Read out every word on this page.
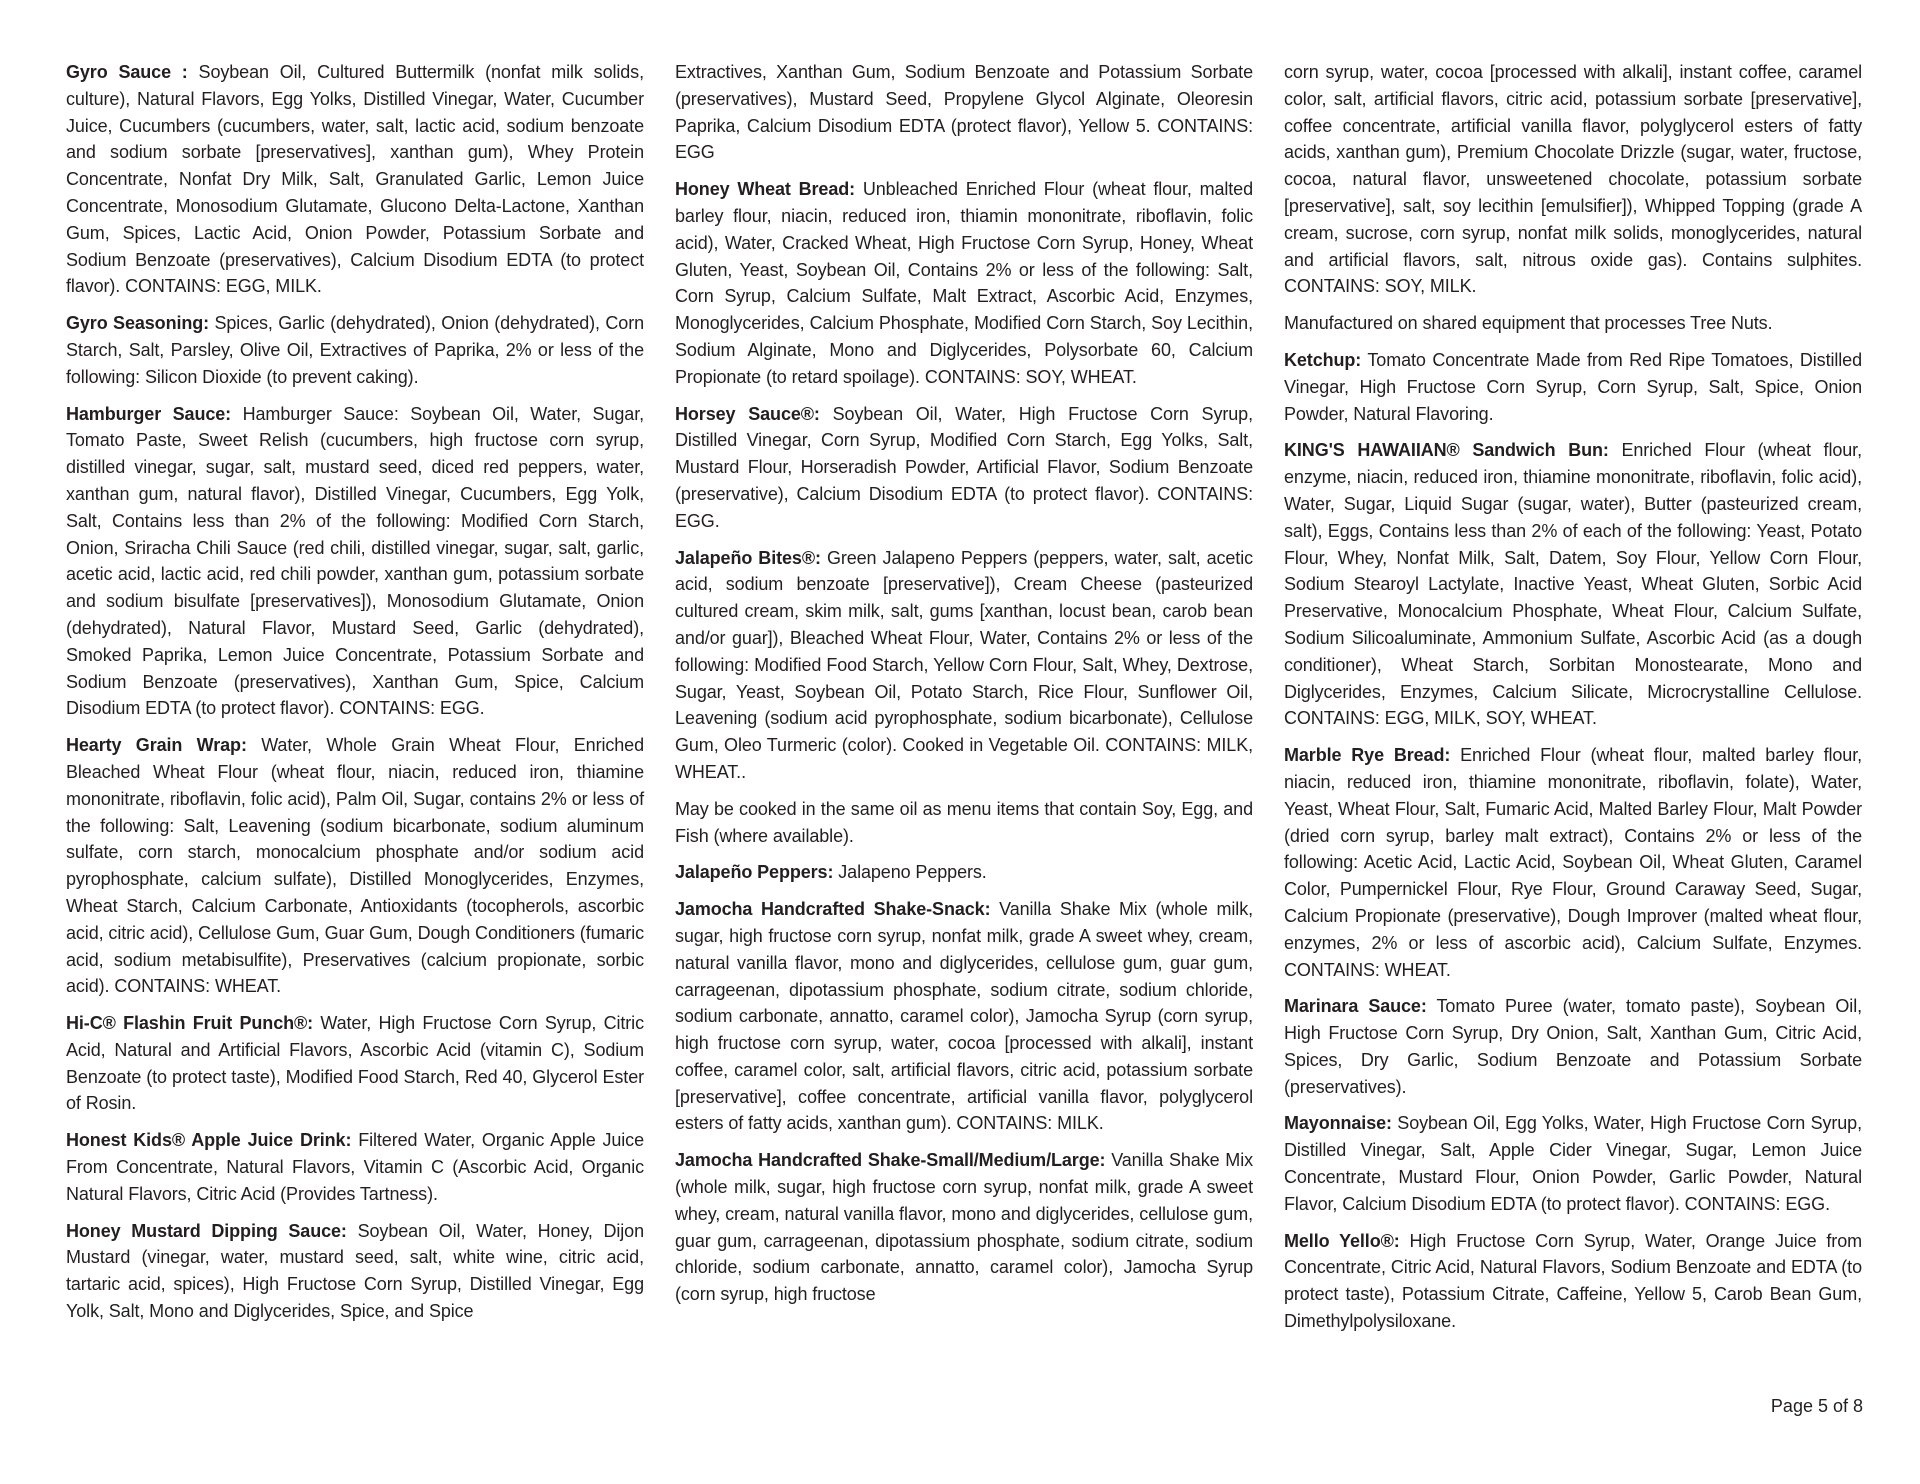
Gyro Sauce : Soybean Oil, Cultured Buttermilk (nonfat milk solids, culture), Natural Flavors, Egg Yolks, Distilled Vinegar, Water, Cucumber Juice, Cucumbers (cucumbers, water, salt, lactic acid, sodium benzoate and sodium sorbate [preservatives], xanthan gum), Whey Protein Concentrate, Nonfat Dry Milk, Salt, Granulated Garlic, Lemon Juice Concentrate, Monosodium Glutamate, Glucono Delta-Lactone, Xanthan Gum, Spices, Lactic Acid, Onion Powder, Potassium Sorbate and Sodium Benzoate (preservatives), Calcium Disodium EDTA (to protect flavor). CONTAINS: EGG, MILK.

Gyro Seasoning: Spices, Garlic (dehydrated), Onion (dehydrated), Corn Starch, Salt, Parsley, Olive Oil, Extractives of Paprika, 2% or less of the following: Silicon Dioxide (to prevent caking).

Hamburger Sauce: Hamburger Sauce: Soybean Oil, Water, Sugar, Tomato Paste, Sweet Relish (cucumbers, high fructose corn syrup, distilled vinegar, sugar, salt, mustard seed, diced red peppers, water, xanthan gum, natural flavor), Distilled Vinegar, Cucumbers, Egg Yolk, Salt, Contains less than 2% of the following: Modified Corn Starch, Onion, Sriracha Chili Sauce (red chili, distilled vinegar, sugar, salt, garlic, acetic acid, lactic acid, red chili powder, xanthan gum, potassium sorbate and sodium bisulfate [preservatives]), Monosodium Glutamate, Onion (dehydrated), Natural Flavor, Mustard Seed, Garlic (dehydrated), Smoked Paprika, Lemon Juice Concentrate, Potassium Sorbate and Sodium Benzoate (preservatives), Xanthan Gum, Spice, Calcium Disodium EDTA (to protect flavor). CONTAINS: EGG.

Hearty Grain Wrap: Water, Whole Grain Wheat Flour, Enriched Bleached Wheat Flour (wheat flour, niacin, reduced iron, thiamine mononitrate, riboflavin, folic acid), Palm Oil, Sugar, contains 2% or less of the following: Salt, Leavening (sodium bicarbonate, sodium aluminum sulfate, corn starch, monocalcium phosphate and/or sodium acid pyrophosphate, calcium sulfate), Distilled Monoglycerides, Enzymes, Wheat Starch, Calcium Carbonate, Antioxidants (tocopherols, ascorbic acid, citric acid), Cellulose Gum, Guar Gum, Dough Conditioners (fumaric acid, sodium metabisulfite), Preservatives (calcium propionate, sorbic acid). CONTAINS: WHEAT.

Hi-C® Flashin Fruit Punch®: Water, High Fructose Corn Syrup, Citric Acid, Natural and Artificial Flavors, Ascorbic Acid (vitamin C), Sodium Benzoate (to protect taste), Modified Food Starch, Red 40, Glycerol Ester of Rosin.

Honest Kids® Apple Juice Drink: Filtered Water, Organic Apple Juice From Concentrate, Natural Flavors, Vitamin C (Ascorbic Acid, Organic Natural Flavors, Citric Acid (Provides Tartness).

Honey Mustard Dipping Sauce: Soybean Oil, Water, Honey, Dijon Mustard (vinegar, water, mustard seed, salt, white wine, citric acid, tartaric acid, spices), High Fructose Corn Syrup, Distilled Vinegar, Egg Yolk, Salt, Mono and Diglycerides, Spice, and Spice

Extractives, Xanthan Gum, Sodium Benzoate and Potassium Sorbate (preservatives), Mustard Seed, Propylene Glycol Alginate, Oleoresin Paprika, Calcium Disodium EDTA (protect flavor), Yellow 5. CONTAINS: EGG

Honey Wheat Bread: Unbleached Enriched Flour (wheat flour, malted barley flour, niacin, reduced iron, thiamin mononitrate, riboflavin, folic acid), Water, Cracked Wheat, High Fructose Corn Syrup, Honey, Wheat Gluten, Yeast, Soybean Oil, Contains 2% or less of the following: Salt, Corn Syrup, Calcium Sulfate, Malt Extract, Ascorbic Acid, Enzymes, Monoglycerides, Calcium Phosphate, Modified Corn Starch, Soy Lecithin, Sodium Alginate, Mono and Diglycerides, Polysorbate 60, Calcium Propionate (to retard spoilage). CONTAINS: SOY, WHEAT.

Horsey Sauce®: Soybean Oil, Water, High Fructose Corn Syrup, Distilled Vinegar, Corn Syrup, Modified Corn Starch, Egg Yolks, Salt, Mustard Flour, Horseradish Powder, Artificial Flavor, Sodium Benzoate (preservative), Calcium Disodium EDTA (to protect flavor). CONTAINS: EGG.

Jalapeño Bites®: Green Jalapeno Peppers (peppers, water, salt, acetic acid, sodium benzoate [preservative]), Cream Cheese (pasteurized cultured cream, skim milk, salt, gums [xanthan, locust bean, carob bean and/or guar]), Bleached Wheat Flour, Water, Contains 2% or less of the following: Modified Food Starch, Yellow Corn Flour, Salt, Whey, Dextrose, Sugar, Yeast, Soybean Oil, Potato Starch, Rice Flour, Sunflower Oil, Leavening (sodium acid pyrophosphate, sodium bicarbonate), Cellulose Gum, Oleo Turmeric (color). Cooked in Vegetable Oil. CONTAINS: MILK, WHEAT..

May be cooked in the same oil as menu items that contain Soy, Egg, and Fish (where available).

Jalapeño Peppers: Jalapeno Peppers.

Jamocha Handcrafted Shake-Snack: Vanilla Shake Mix (whole milk, sugar, high fructose corn syrup, nonfat milk, grade A sweet whey, cream, natural vanilla flavor, mono and diglycerides, cellulose gum, guar gum, carrageenan, dipotassium phosphate, sodium citrate, sodium chloride, sodium carbonate, annatto, caramel color), Jamocha Syrup (corn syrup, high fructose corn syrup, water, cocoa [processed with alkali], instant coffee, caramel color, salt, artificial flavors, citric acid, potassium sorbate [preservative], coffee concentrate, artificial vanilla flavor, polyglycerol esters of fatty acids, xanthan gum). CONTAINS: MILK.

Jamocha Handcrafted Shake-Small/Medium/Large: Vanilla Shake Mix (whole milk, sugar, high fructose corn syrup, nonfat milk, grade A sweet whey, cream, natural vanilla flavor, mono and diglycerides, cellulose gum, guar gum, carrageenan, dipotassium phosphate, sodium citrate, sodium chloride, sodium carbonate, annatto, caramel color), Jamocha Syrup (corn syrup, high fructose

corn syrup, water, cocoa [processed with alkali], instant coffee, caramel color, salt, artificial flavors, citric acid, potassium sorbate [preservative], coffee concentrate, artificial vanilla flavor, polyglycerol esters of fatty acids, xanthan gum), Premium Chocolate Drizzle (sugar, water, fructose, cocoa, natural flavor, unsweetened chocolate, potassium sorbate [preservative], salt, soy lecithin [emulsifier]), Whipped Topping (grade A cream, sucrose, corn syrup, nonfat milk solids, monoglycerides, natural and artificial flavors, salt, nitrous oxide gas). Contains sulphites. CONTAINS: SOY, MILK.

Manufactured on shared equipment that processes Tree Nuts.

Ketchup: Tomato Concentrate Made from Red Ripe Tomatoes, Distilled Vinegar, High Fructose Corn Syrup, Corn Syrup, Salt, Spice, Onion Powder, Natural Flavoring.

KING'S HAWAIIAN® Sandwich Bun: Enriched Flour (wheat flour, enzyme, niacin, reduced iron, thiamine mononitrate, riboflavin, folic acid), Water, Sugar, Liquid Sugar (sugar, water), Butter (pasteurized cream, salt), Eggs, Contains less than 2% of each of the following: Yeast, Potato Flour, Whey, Nonfat Milk, Salt, Datem, Soy Flour, Yellow Corn Flour, Sodium Stearoyl Lactylate, Inactive Yeast, Wheat Gluten, Sorbic Acid Preservative, Monocalcium Phosphate, Wheat Flour, Calcium Sulfate, Sodium Silicoaluminate, Ammonium Sulfate, Ascorbic Acid (as a dough conditioner), Wheat Starch, Sorbitan Monostearate, Mono and Diglycerides, Enzymes, Calcium Silicate, Microcrystalline Cellulose. CONTAINS: EGG, MILK, SOY, WHEAT.

Marble Rye Bread: Enriched Flour (wheat flour, malted barley flour, niacin, reduced iron, thiamine mononitrate, riboflavin, folate), Water, Yeast, Wheat Flour, Salt, Fumaric Acid, Malted Barley Flour, Malt Powder (dried corn syrup, barley malt extract), Contains 2% or less of the following: Acetic Acid, Lactic Acid, Soybean Oil, Wheat Gluten, Caramel Color, Pumpernickel Flour, Rye Flour, Ground Caraway Seed, Sugar, Calcium Propionate (preservative), Dough Improver (malted wheat flour, enzymes, 2% or less of ascorbic acid), Calcium Sulfate, Enzymes. CONTAINS: WHEAT.

Marinara Sauce: Tomato Puree (water, tomato paste), Soybean Oil, High Fructose Corn Syrup, Dry Onion, Salt, Xanthan Gum, Citric Acid, Spices, Dry Garlic, Sodium Benzoate and Potassium Sorbate (preservatives).

Mayonnaise: Soybean Oil, Egg Yolks, Water, High Fructose Corn Syrup, Distilled Vinegar, Salt, Apple Cider Vinegar, Sugar, Lemon Juice Concentrate, Mustard Flour, Onion Powder, Garlic Powder, Natural Flavor, Calcium Disodium EDTA (to protect flavor). CONTAINS: EGG.

Mello Yello®: High Fructose Corn Syrup, Water, Orange Juice from Concentrate, Citric Acid, Natural Flavors, Sodium Benzoate and EDTA (to protect taste), Potassium Citrate, Caffeine, Yellow 5, Carob Bean Gum, Dimethylpolysiloxane.

Page 5 of 8
